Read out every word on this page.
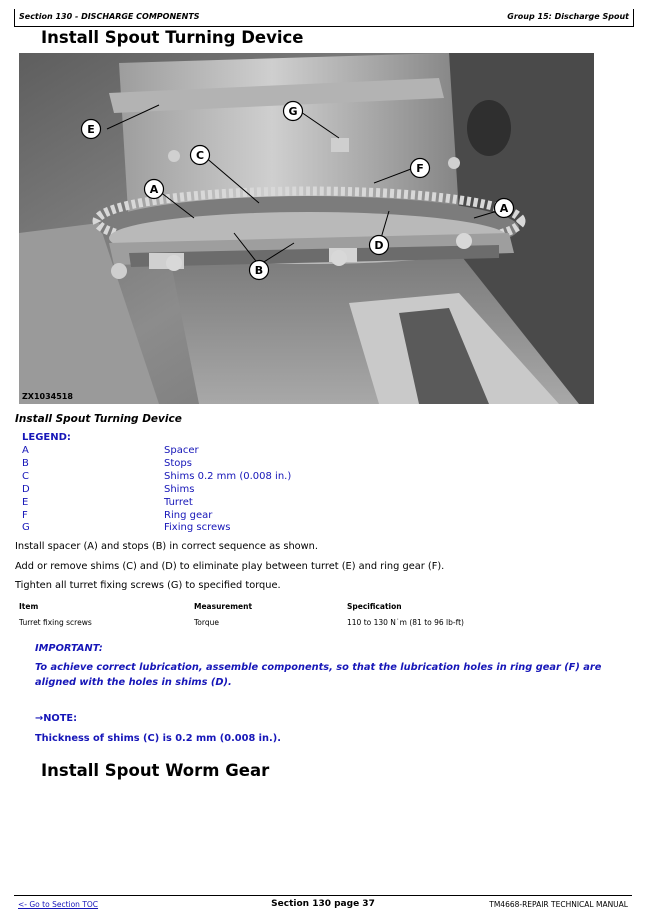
Section 130 - DISCHARGE COMPONENTS	Group 15: Discharge Spout
Install Spout Turning Device
E
G
C
F
A
A
D
B
ZX1034518
Install Spout Turning Device
LEGEND:
A	Spacer
B	Stops
C	Shims 0.2 mm (0.008 in.)
D	Shims
E	Turret
F	Ring gear
G	Fixing screws
Install spacer (A) and stops (B) in correct sequence as shown.
Add or remove shims (C) and (D) to eliminate play between turret (E) and ring gear (F).
Tighten all turret fixing screws (G) to specified torque.
Item	Measurement	Specification
Turret fixing screws	Torque	110 to 130 N˙m (81 to 96 lb-ft)
IMPORTANT:
To achieve correct lubrication, assemble components, so that the lubrication holes in ring gear (F) are aligned with the holes in shims (D).
→NOTE:
Thickness of shims (C) is 0.2 mm (0.008 in.).
Install Spout Worm Gear
<- Go to Section TOC	Section 130 page 37	TM4668-REPAIR TECHNICAL MANUAL
